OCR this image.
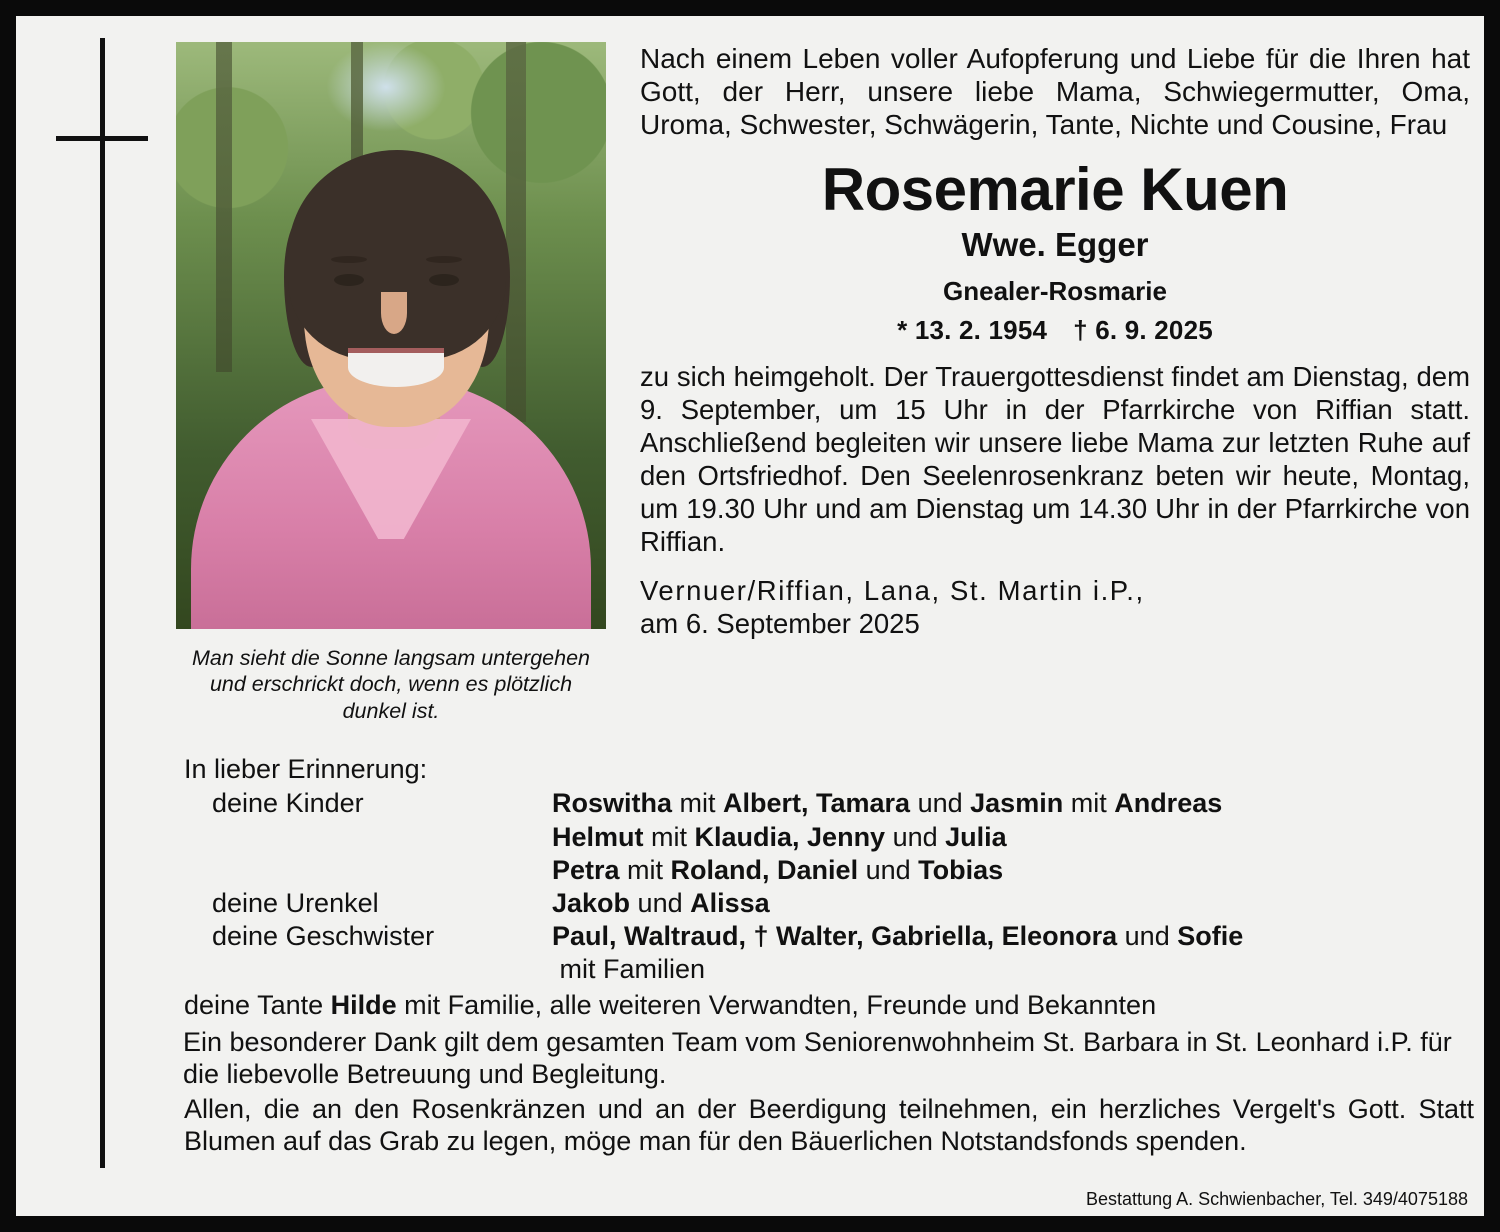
Man sieht die Sonne langsam untergehen und erschrickt doch, wenn es plötzlich dunkel ist.
Nach einem Leben voller Aufopferung und Liebe für die Ihren hat Gott, der Herr, unsere liebe Mama, Schwiegermutter, Oma, Uroma, Schwester, Schwägerin, Tante, Nichte und Cousine, Frau
Rosemarie Kuen
Wwe. Egger
Gnealer-Rosmarie
* 13. 2. 1954 † 6. 9. 2025
zu sich heimgeholt. Der Trauergottesdienst findet am Dienstag, dem 9. September, um 15 Uhr in der Pfarrkirche von Riffian statt. Anschließend begleiten wir unsere liebe Mama zur letzten Ruhe auf den Ortsfriedhof. Den Seelenrosenkranz beten wir heute, Montag, um 19.30 Uhr und am Dienstag um 14.30 Uhr in der Pfarrkirche von Riffian.
Vernuer/Riffian, Lana, St. Martin i.P.,
am 6. September 2025
In lieber Erinnerung:
deine Kinder	Roswitha mit Albert, Tamara und Jasmin mit Andreas
	Helmut mit Klaudia, Jenny und Julia
	Petra mit Roland, Daniel und Tobias
deine Urenkel	Jakob und Alissa
deine Geschwister	Paul, Waltraud, † Walter, Gabriella, Eleonora und Sofie
	mit Familien
deine Tante Hilde mit Familie, alle weiteren Verwandten, Freunde und Bekannten
Ein besonderer Dank gilt dem gesamten Team vom Seniorenwohnheim St. Barbara in St. Leonhard i.P. für die liebevolle Betreuung und Begleitung.
Allen, die an den Rosenkränzen und an der Beerdigung teilnehmen, ein herzliches Vergelt's Gott. Statt Blumen auf das Grab zu legen, möge man für den Bäuerlichen Notstandsfonds spenden.
Bestattung A. Schwienbacher, Tel. 349/4075188
